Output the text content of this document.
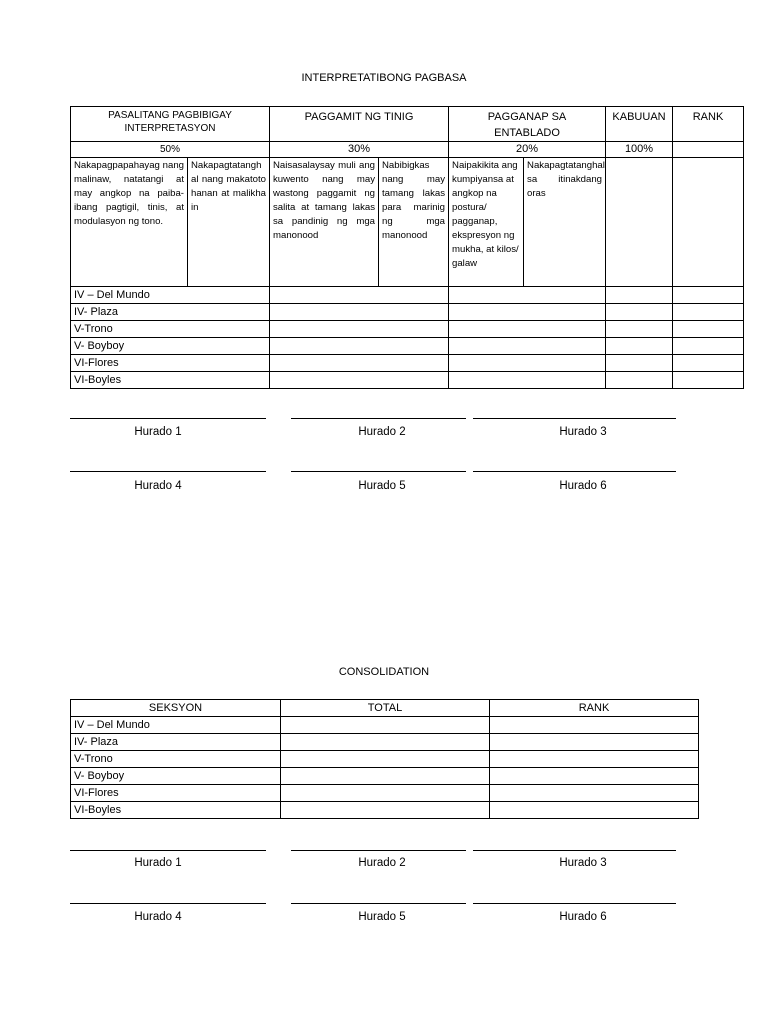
INTERPRETATIBONG PAGBASA
PASALITANG PAGBIBIGAY INTERPRETASYON		PAGGAMIT NG TINIG		PAGGANAP SA ENTABLADO		KABUUAN	RANK
50%		30%		20%		100%	
Nakapagpapahayag nang malinaw, natatangi at may angkop na paiba-ibang pagtigil, tinis, at modulasyon ng tono.	Nakapagtatanghal nang makatotohanan at malikhain	Naisasalaysay muli ang kuwento nang may wastong paggamit ng salita at tamang lakas sa pandinig ng mga manonood	Nabibigkas nang may tamang lakas para marinig ng mga manonood	Naipakikita ang kumpiyansa at angkop na postura/ pagganap, ekspresyon ng mukha, at kilos/ galaw	Nakapagtatanghal sa itinakdang oras		
IV – Del Mundo							
IV- Plaza							
V-Trono							
V- Boyboy							
VI-Flores							
VI-Boyles							
CONSOLIDATION
SEKSYON	TOTAL	RANK
IV – Del Mundo		
IV- Plaza		
V-Trono		
V- Boyboy		
VI-Flores		
VI-Boyles		
Hurado 1	Hurado 2	Hurado 3
Hurado 4	Hurado 5	Hurado 6
Hurado 1	Hurado 2	Hurado 3
Hurado 4	Hurado 5	Hurado 6
